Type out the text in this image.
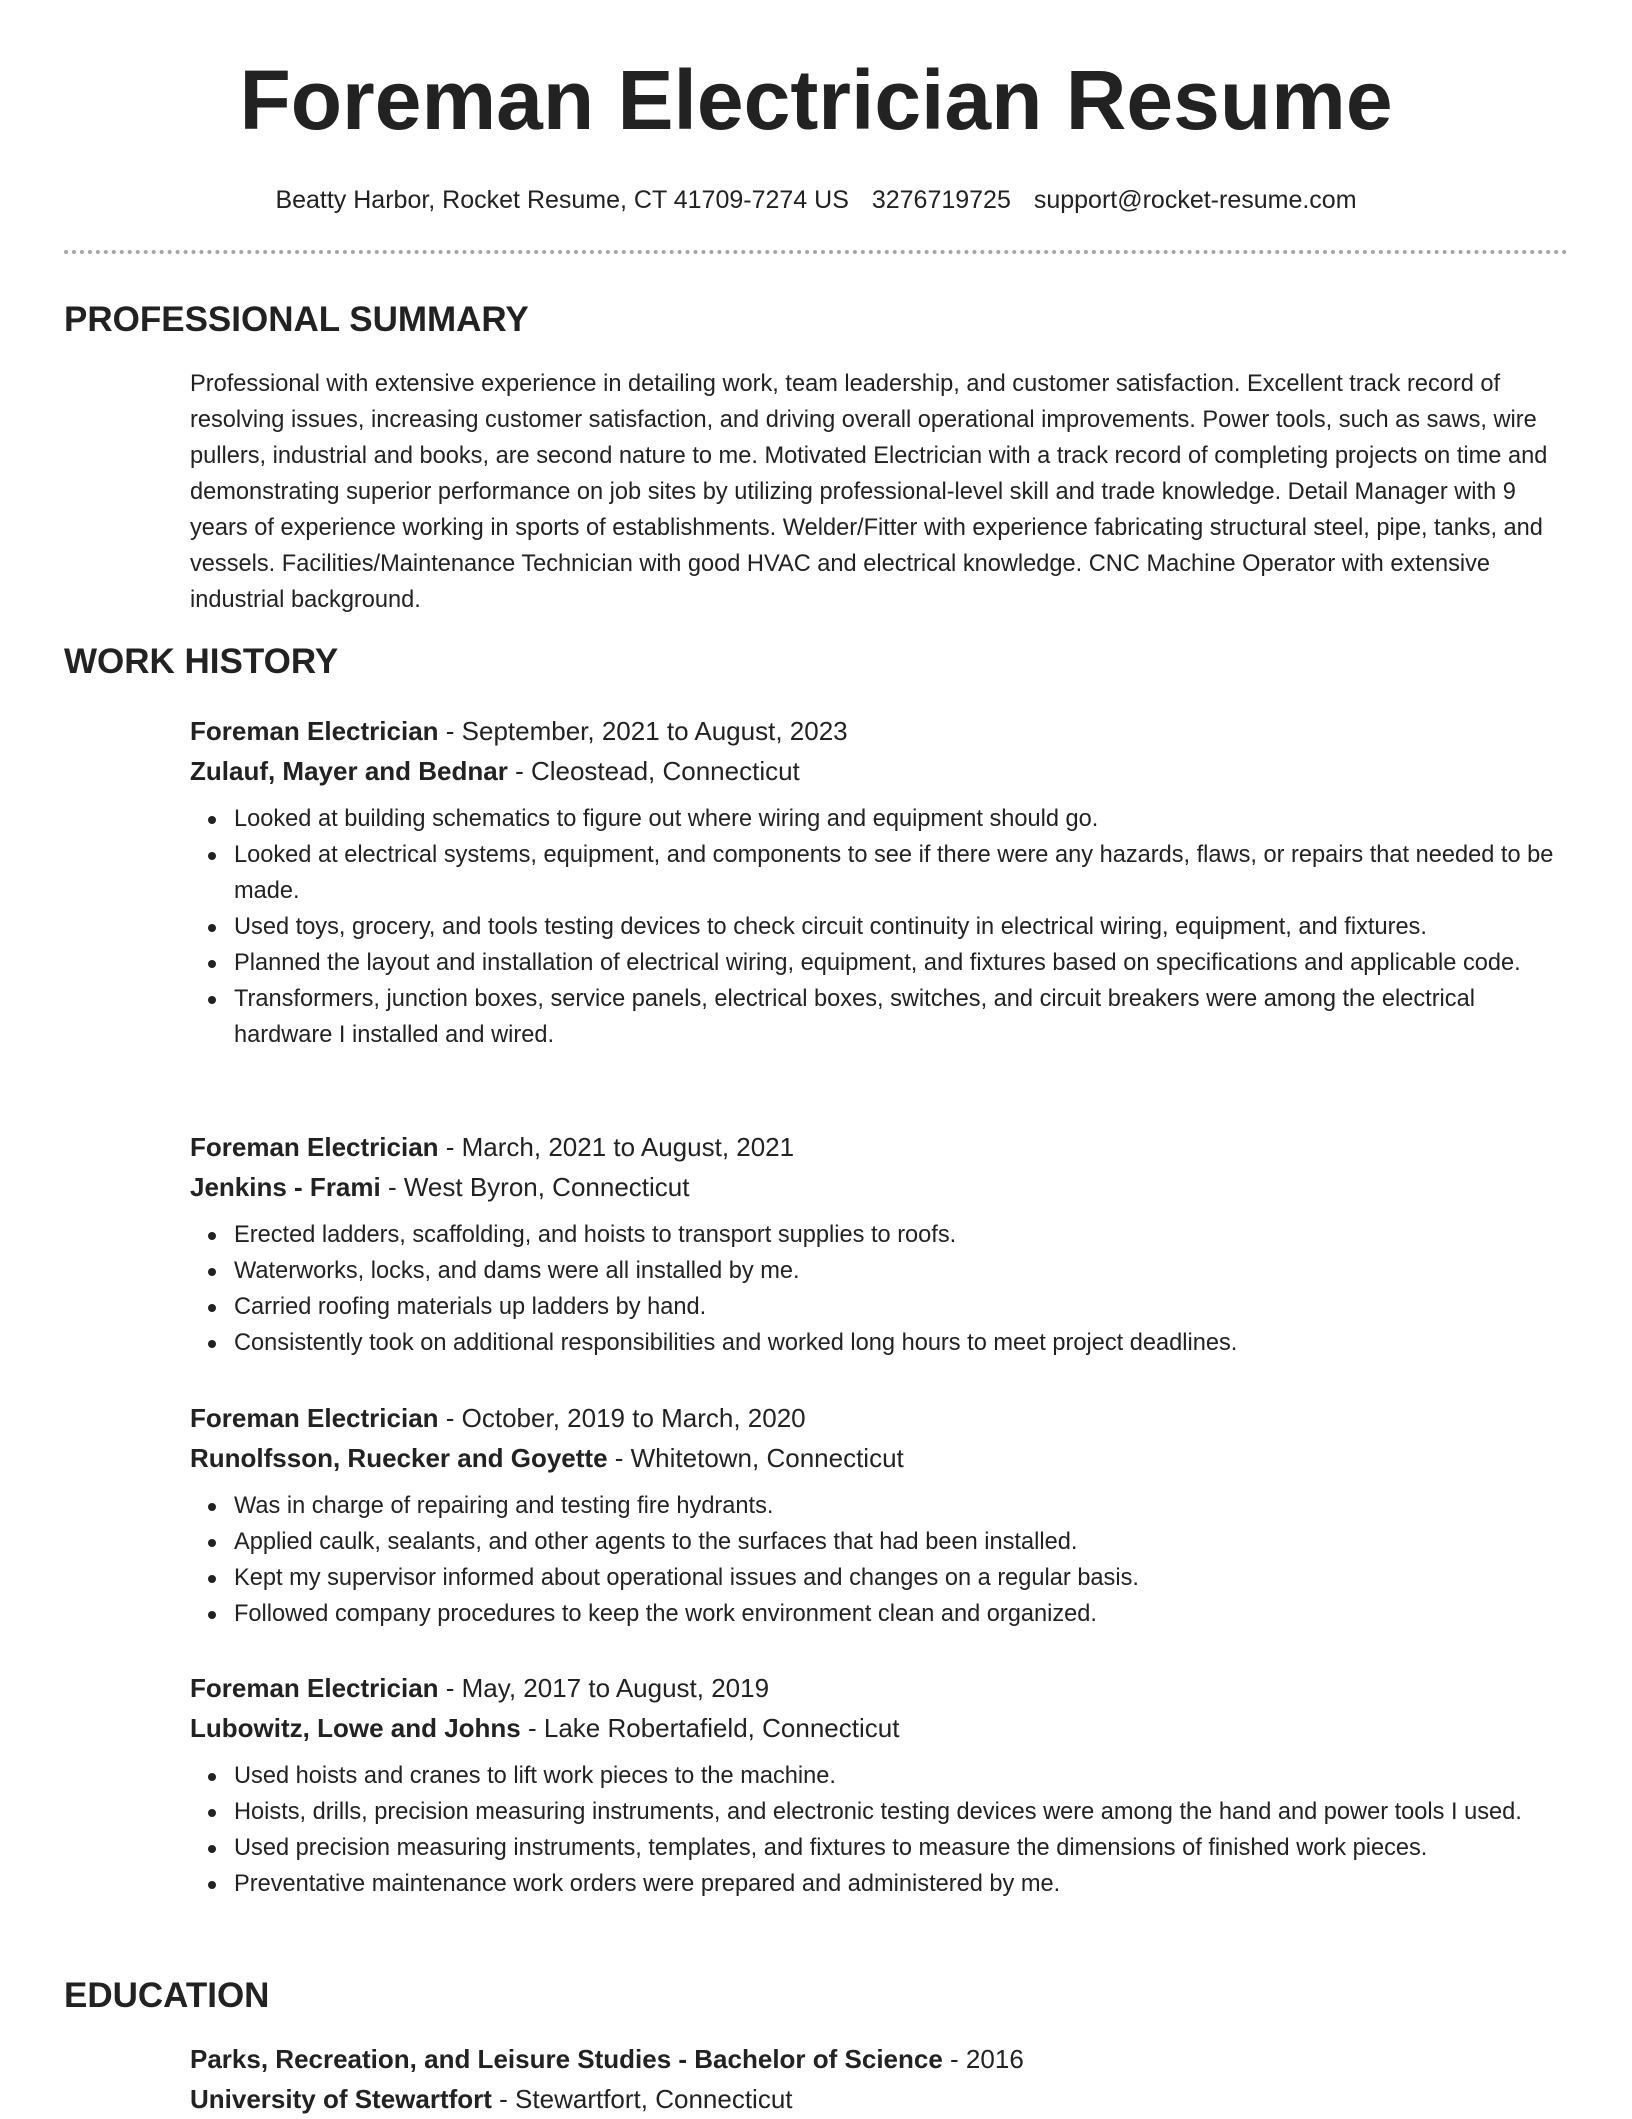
Foreman Electrician Resume
Beatty Harbor, Rocket Resume, CT 41709-7274 US 3276719725 support@rocket-resume.com
PROFESSIONAL SUMMARY
Professional with extensive experience in detailing work, team leadership, and customer satisfaction. Excellent track record of resolving issues, increasing customer satisfaction, and driving overall operational improvements. Power tools, such as saws, wire pullers, industrial and books, are second nature to me. Motivated Electrician with a track record of completing projects on time and demonstrating superior performance on job sites by utilizing professional-level skill and trade knowledge. Detail Manager with 9 years of experience working in sports of establishments. Welder/Fitter with experience fabricating structural steel, pipe, tanks, and vessels. Facilities/Maintenance Technician with good HVAC and electrical knowledge. CNC Machine Operator with extensive industrial background.
WORK HISTORY
Foreman Electrician - September, 2021 to August, 2023
Zulauf, Mayer and Bednar - Cleostead, Connecticut
Looked at building schematics to figure out where wiring and equipment should go.
Looked at electrical systems, equipment, and components to see if there were any hazards, flaws, or repairs that needed to be made.
Used toys, grocery, and tools testing devices to check circuit continuity in electrical wiring, equipment, and fixtures.
Planned the layout and installation of electrical wiring, equipment, and fixtures based on specifications and applicable code.
Transformers, junction boxes, service panels, electrical boxes, switches, and circuit breakers were among the electrical hardware I installed and wired.
Foreman Electrician - March, 2021 to August, 2021
Jenkins - Frami - West Byron, Connecticut
Erected ladders, scaffolding, and hoists to transport supplies to roofs.
Waterworks, locks, and dams were all installed by me.
Carried roofing materials up ladders by hand.
Consistently took on additional responsibilities and worked long hours to meet project deadlines.
Foreman Electrician - October, 2019 to March, 2020
Runolfsson, Ruecker and Goyette - Whitetown, Connecticut
Was in charge of repairing and testing fire hydrants.
Applied caulk, sealants, and other agents to the surfaces that had been installed.
Kept my supervisor informed about operational issues and changes on a regular basis.
Followed company procedures to keep the work environment clean and organized.
Foreman Electrician - May, 2017 to August, 2019
Lubowitz, Lowe and Johns - Lake Robertafield, Connecticut
Used hoists and cranes to lift work pieces to the machine.
Hoists, drills, precision measuring instruments, and electronic testing devices were among the hand and power tools I used.
Used precision measuring instruments, templates, and fixtures to measure the dimensions of finished work pieces.
Preventative maintenance work orders were prepared and administered by me.
EDUCATION
Parks, Recreation, and Leisure Studies - Bachelor of Science - 2016
University of Stewartfort - Stewartfort, Connecticut
